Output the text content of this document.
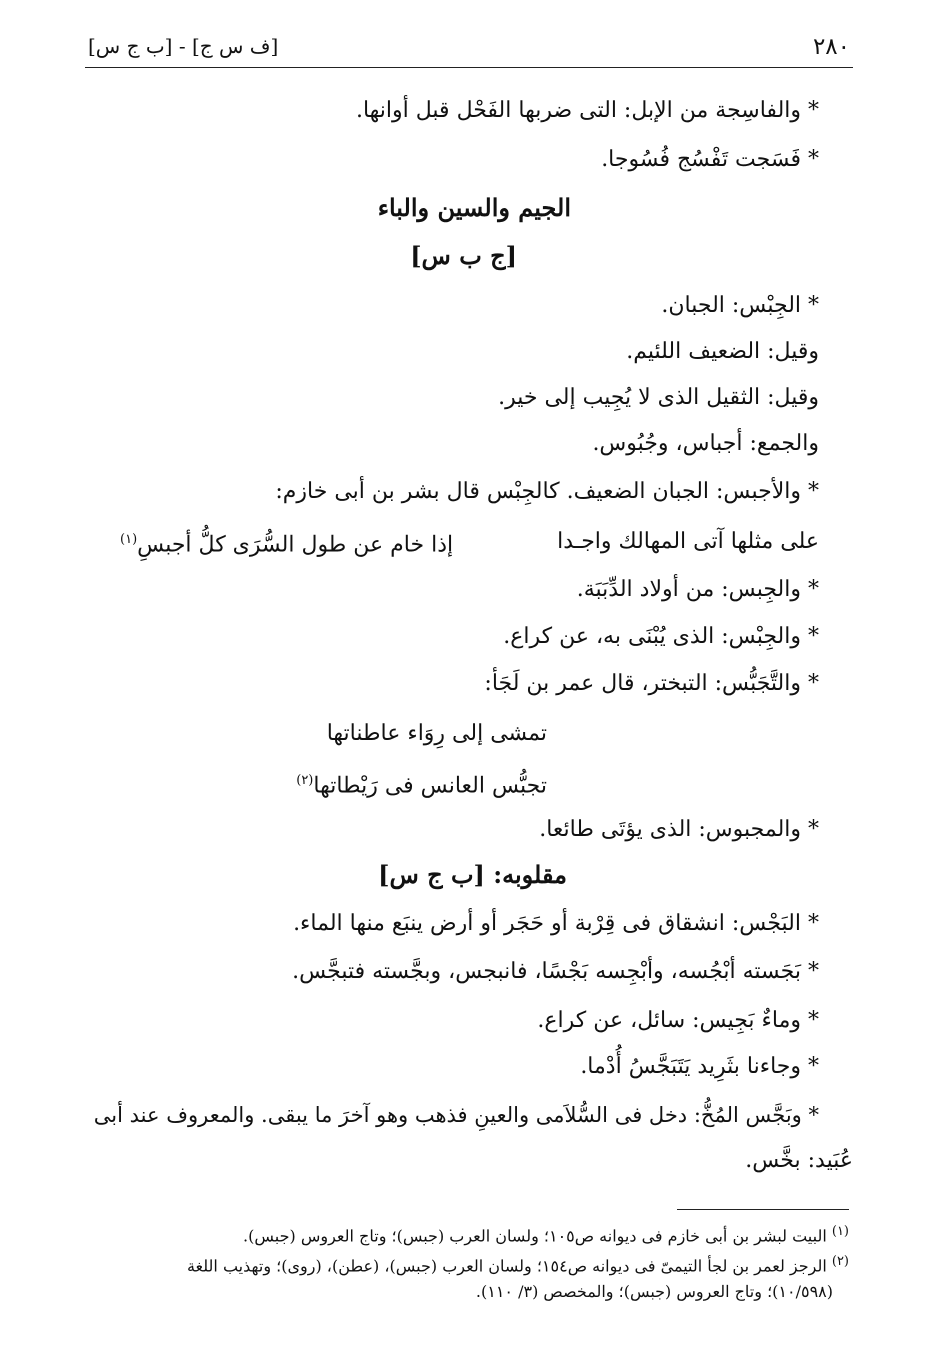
٢٨٠
[ف س ج] - [ب ج س]
* والفاسِجة من الإبل: التى ضربها الفَحْل قبل أوانها.
* فَسَجت تَفْسُج فُسُوجا.
الجيم والسين والباء
[ج ب س]
* الجِبْس: الجبان.
وقيل: الضعيف اللئيم.
وقيل: الثقيل الذى لا يُجِيب إلى خير.
والجمع: أجباس، وجُبُوس.
* والأجبس: الجبان الضعيف. كالجِبْس قال بشر بن أبى خازم:
على مثلها آتى المهالك واجـدا
إذا خام عن طول السُّرَى كلُّ أجبسِ$^{(١)}$
* والجِبس: من أولاد الدِّبَبَة.
* والجِبْس: الذى يُبْنَى به، عن كراع.
* والتَّجَبُّس: التبختر، قال عمر بن لَجَأ:
تمشى إلى رِوَاء عاطناتها
تجبُّس العانس فى رَيْطاتها$^{(٢)}$
* والمجبوس: الذى يؤتَى طائعا.
مقلوبه: [ب ج س]
* البَجْس: انشقاق فى قِرْبة أو حَجَر أو أرض ينبَع منها الماء.
* بَجَسته أبْجُسه، وأبْجِسه بَجْسًا، فانبجس، وبجَّسته فتبجَّس.
* وماءٌ بَجِيس: سائل، عن كراع.
* وجاءنا بثَرِيد يَتَبَجَّسُ أُدْما.
* وبَجَّس المُخُّ: دخل فى السُّلاَمى والعينِ فذهب وهو آخرَ ما يبقى. والمعروف عند أبى
عُبَيد: بخَّس.
$^{(١)}$ البيت لبشر بن أبى خازم فى ديوانه ص١٠٥؛ ولسان العرب (جبس)؛ وتاج العروس (جبس).
$^{(٢)}$ الرجز لعمر بن لجأ التيمىّ فى ديوانه ص١٥٤؛ ولسان العرب (جبس)، (عطن)، (روى)؛ وتهذيب اللغة
(١٠/٥٩٨)؛ وتاج العروس (جبس)؛ والمخصص (٣/ ١١٠).
